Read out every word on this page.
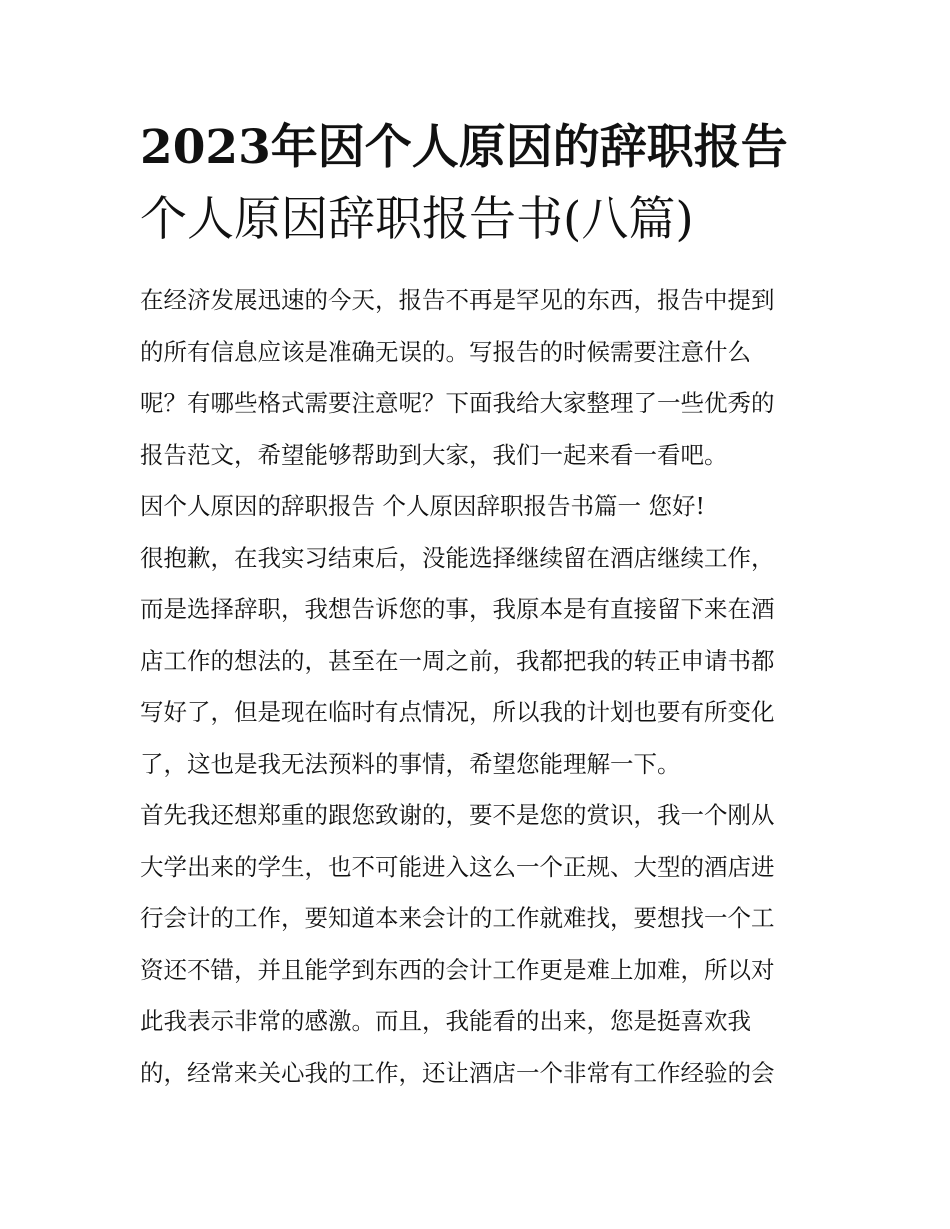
2023年因个人原因的辞职报告
个人原因辞职报告书(八篇)
在经济发展迅速的今天，报告不再是罕见的东西，报告中提到
的所有信息应该是准确无误的。写报告的时候需要注意什么
呢？有哪些格式需要注意呢？下面我给大家整理了一些优秀的
报告范文，希望能够帮助到大家，我们一起来看一看吧。
因个人原因的辞职报告 个人原因辞职报告书篇一 您好!
很抱歉，在我实习结束后，没能选择继续留在酒店继续工作，
而是选择辞职，我想告诉您的事，我原本是有直接留下来在酒
店工作的想法的，甚至在一周之前，我都把我的转正申请书都
写好了，但是现在临时有点情况，所以我的计划也要有所变化
了，这也是我无法预料的事情，希望您能理解一下。
首先我还想郑重的跟您致谢的，要不是您的赏识，我一个刚从
大学出来的学生，也不可能进入这么一个正规、大型的酒店进
行会计的工作，要知道本来会计的工作就难找，要想找一个工
资还不错，并且能学到东西的会计工作更是难上加难，所以对
此我表示非常的感激。而且，我能看的出来，您是挺喜欢我
的，经常来关心我的工作，还让酒店一个非常有工作经验的会
